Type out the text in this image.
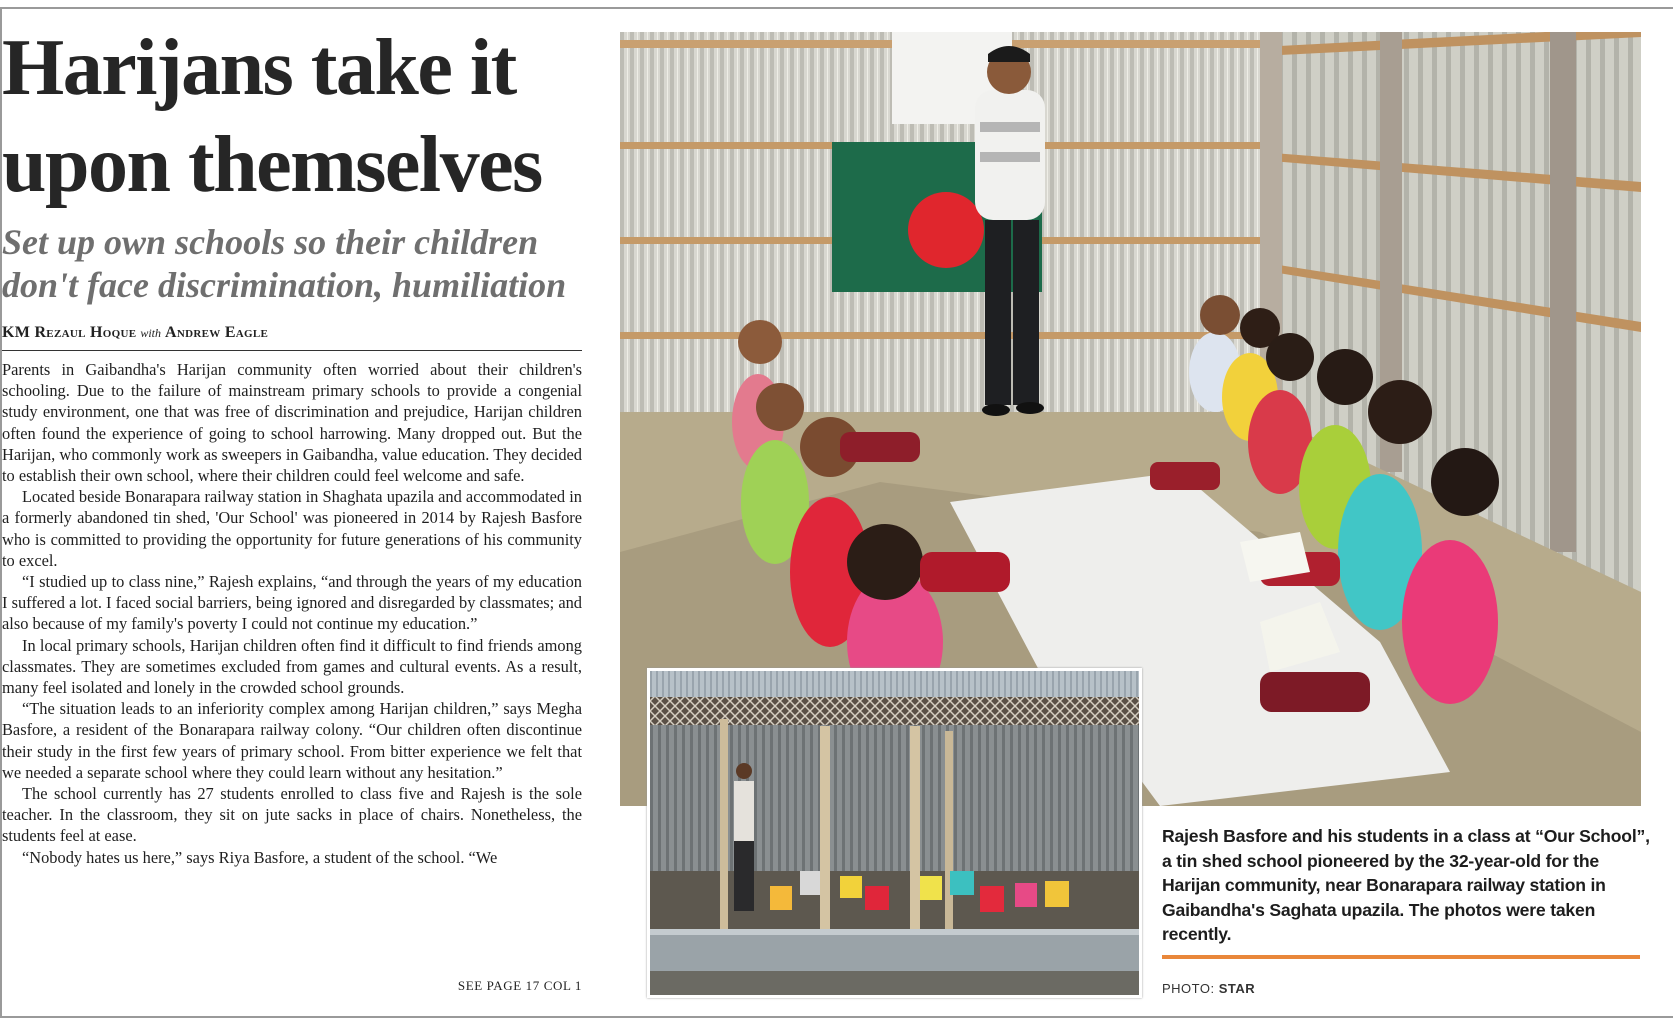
Harijans take it upon themselves
Set up own schools so their children don't face discrimination, humiliation
KM Rezaul Hoque with Andrew Eagle

Parents in Gaibandha's Harijan community often worried about their children's schooling. Due to the failure of mainstream primary schools to provide a congenial study environment, one that was free of discrimination and prejudice, Harijan children often found the experience of going to school harrowing. Many dropped out. But the Harijan, who commonly work as sweepers in Gaibandha, value education. They decided to establish their own school, where their children could feel welcome and safe.

Located beside Bonarapara railway station in Shaghata upazila and accommodated in a formerly abandoned tin shed, 'Our School' was pioneered in 2014 by Rajesh Basfore who is committed to providing the opportunity for future generations of his community to excel.

“I studied up to class nine,” Rajesh explains, “and through the years of my education I suffered a lot. I faced social barriers, being ignored and disregarded by classmates; and also because of my family's poverty I could not continue my education.”

In local primary schools, Harijan children often find it difficult to find friends among classmates. They are sometimes excluded from games and cultural events. As a result, many feel isolated and lonely in the crowded school grounds.

“The situation leads to an inferiority complex among Harijan children,” says Megha Basfore, a resident of the Bonarapara railway colony. “Our children often discontinue their study in the first few years of primary school. From bitter experience we felt that we needed a separate school where they could learn without any hesitation.”

The school currently has 27 students enrolled to class five and Rajesh is the sole teacher. In the classroom, they sit on jute sacks in place of chairs. Nonetheless, the students feel at ease.

“Nobody hates us here,” says Riya Basfore, a student of the school. “We

SEE PAGE 17 COL 1

Rajesh Basfore and his students in a class at “Our School”, a tin shed school pioneered by the 32-year-old for the Harijan community, near Bonarapara railway station in Gaibandha's Saghata upazila. The photos were taken recently.

PHOTO: STAR
